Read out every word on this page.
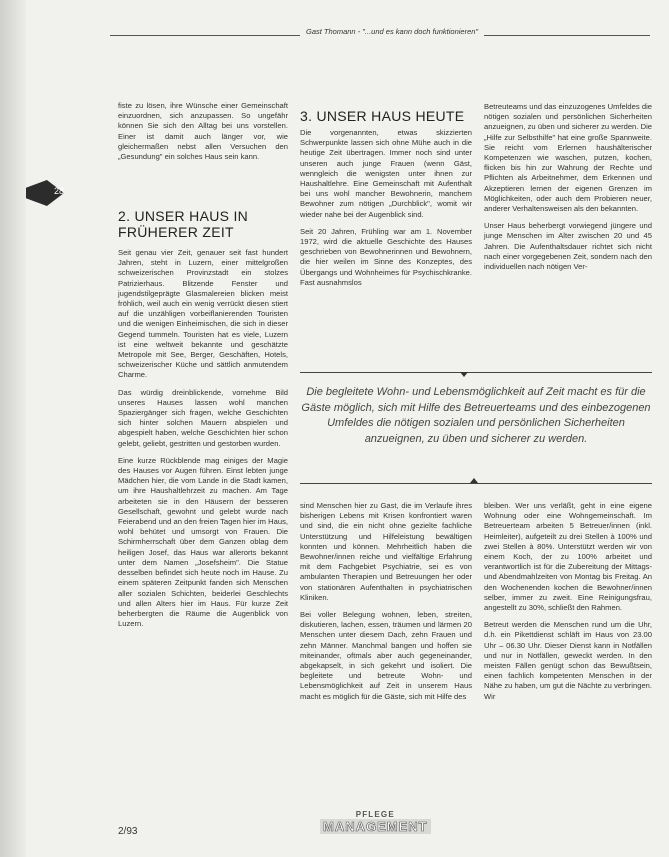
Gast Thomann - "...und es kann doch funktionieren"
28

fiste zu lösen, ihre Wünsche einer Gemeinschaft einzuordnen, sich anzupassen. So ungefähr können Sie sich den Alltag bei uns vorstellen. Einer ist damit auch länger vor, wie gleichermaßen nebst allen Versuchen den „Gesundung" ein solches Haus sein kann.

2. UNSER HAUS IN FRÜHERER ZEIT

Seit genau vier Zeit, genauer seit fast hundert Jahren, steht in Luzern, einer mittelgroßen schweizerischen Provinzstadt ein stolzes Patrizierhaus. Blitzende Fenster und jugendstilgeprägte Glasmalereien blicken meist fröhlich, weil auch ein wenig verrückt diesen stiert auf die unzähligen vorbeiflanierenden Touristen und die wenigen Einheimischen, die sich in dieser Gegend tummeln. Touristen hat es viele, Luzern ist eine weltweit bekannte und geschätzte Metropole mit See, Berger, Geschäften, Hotels, schweizerischer Küche und sättlich anmutendem Charme.

Das würdig dreinblickende, vornehme Bild unseres Hauses lassen wohl manchen Spaziergänger sich fragen, welche Geschichten sich hinter solchen Mauern abspielen und abgespielt haben, welche Geschichten hier schon gelebt, geliebt, gestritten und gestorben wurden.

Eine kurze Rückblende mag einiges der Magie des Hauses vor Augen führen. Einst lebten junge Mädchen hier, die vom Lande in die Stadt kamen, um ihre Haushaltlehrzeit zu machen. Am Tage arbeiteten sie in den Häusern der besseren Gesellschaft, gewohnt und gelebt wurde nach Feierabend und an den freien Tagen hier im Haus, wohl behütet und umsorgt von Frauen. Die Schirmherrschaft über dem Ganzen oblag dem heiligen Josef, das Haus war allerorts bekannt unter dem Namen „Josefsheim". Die Statue desselben befindet sich heute noch im Hause. Zu einem späteren Zeitpunkt fanden sich Menschen aller sozialen Schichten, beiderlei Geschlechts und allen Alters hier im Haus. Für kurze Zeit beherbergten die Räume die Augenblick von Luzern.

3. UNSER HAUS HEUTE

Die vorgenannten, etwas skizzierten Schwerpunkte lassen sich ohne Mühe auch in die heutige Zeit übertragen. Immer noch sind unter unseren auch junge Frauen (wenn Gäst, wenngleich die wenigsten unter ihnen zur Haushaltlehre. Eine Gemeinschaft mit Aufenthalt bei uns wohl mancher Bewohnerin, manchem Bewohner zum nötigen „Durchblick", womit wir wieder nahe bei der Augenblick sind.

Seit 20 Jahren, Frühling war am 1. November 1972, wird die aktuelle Geschichte des Hauses geschrieben von Bewohnerinnen und Bewohnern, die hier weilen im Sinne des Konzeptes, des Übergangs und Wohnheimes für Psychischkranke. Fast ausnahmslos

Betreuteams und das einzuzogenes Umfeldes die nötigen sozialen und persönlichen Sicherheiten anzueignen, zu üben und sicherer zu werden. Die „Hilfe zur Selbsthilfe" hat eine große Spannweite. Sie reicht vom Erlernen haushälterischer Kompetenzen wie waschen, putzen, kochen, flicken bis hin zur Wahrung der Rechte und Pflichten als Arbeitnehmer, dem Erkennen und Akzeptieren lernen der eigenen Grenzen im Möglichkeiten, oder auch dem Probieren neuer, anderer Verhaltensweisen als den bekannten.

Unser Haus beherbergt vorwiegend jüngere und junge Menschen im Alter zwischen 20 und 45 Jahren. Die Aufenthaltsdauer richtet sich nicht nach einer vorgegebenen Zeit, sondern nach den individuellen nach nötigen Ver-

Die begleitete Wohn- und Lebensmöglichkeit auf Zeit macht es für die Gäste möglich, sich mit Hilfe des Betreuerteams und des einbezogenen Umfeldes die nötigen sozialen und persönlichen Sicherheiten anzueignen, zu üben und sicherer zu werden.

sind Menschen hier zu Gast, die im Verlaufe ihres bisherigen Lebens mit Krisen konfrontiert waren und sind, die ein nicht ohne gezielte fachliche Unterstützung und Hilfeleistung bewältigen konnten und können. Mehrheitlich haben die Bewohner/innen reiche und vielfältige Erfahrung mit dem Fachgebiet Psychiatrie, sei es von ambulanten Therapien und Betreuungen her oder von stationären Aufenthalten in psychiatrischen Kliniken.

Bei voller Belegung wohnen, leben, streiten, diskutieren, lachen, essen, träumen und lärmen 20 Menschen unter diesem Dach, zehn Frauen und zehn Männer. Manchmal bangen und hoffen sie miteinander, oftmals aber auch gegeneinander, abgekapselt, in sich gekehrt und isoliert. Die begleitete und betreute Wohn- und Lebensmöglichkeit auf Zeit in unserem Haus macht es möglich für die Gäste, sich mit Hilfe des

bleiben. Wer uns verläßt, geht in eine eigene Wohnung oder eine Wohngemeinschaft. Im Betreuerteam arbeiten 5 Betreuer/innen (inkl. Heimleiter), aufgeteilt zu drei Stellen à 100% und zwei Stellen à 80%. Unterstützt werden wir von einem Koch, der zu 100% arbeitet und verantwortlich ist für die Zubereitung der Mittags- und Abendmahlzeiten von Montag bis Freitag. An den Wochenenden kochen die Bewohner/innen selber, immer zu zweit. Eine Reinigungsfrau, angestellt zu 30%, schließt den Rahmen.

Betreut werden die Menschen rund um die Uhr, d.h. ein Pikettdienst schläft im Haus von 23.00 Uhr – 06.30 Uhr. Dieser Dienst kann in Notfällen und nur in Notfällen, geweckt werden. In den meisten Fällen genügt schon das Bewußtsein, einen fachlich kompetenten Menschen in der Nähe zu haben, um gut die Nächte zu verbringen. Wir

2/93
PFLEGE
MANAGEMENT
